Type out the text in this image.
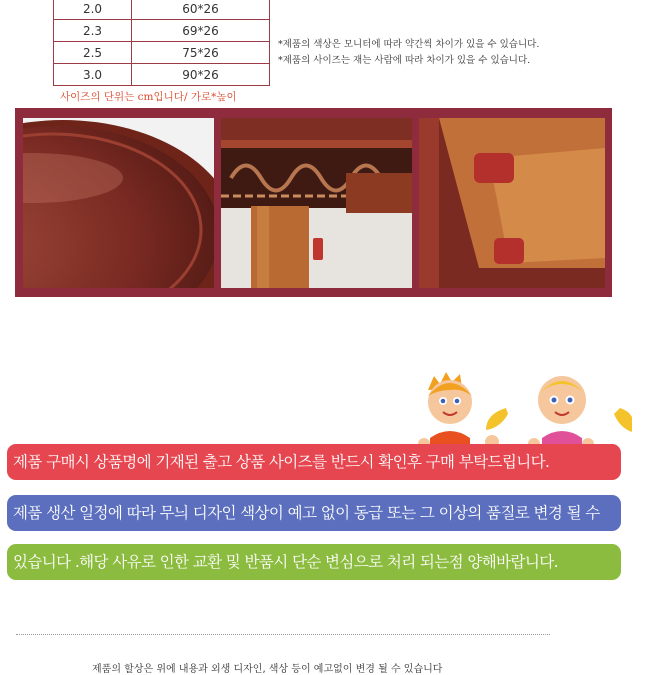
2.0	60*26
2.3	69*26
2.5	75*26
3.0	90*26
*제품의 색상은 모니터에 따라 약간씩 차이가 있을 수 있습니다.
*제품의 사이즈는 재는 사람에 따라 차이가 있을 수 있습니다.
사이즈의 단위는 cm입니다/ 가로*높이
제품 구매시 상품명에 기재된 출고 상품 사이즈를 반드시 확인후 구매 부탁드립니다.
제품 생산 일정에 따라 무늬 디자인 색상이 예고 없이 동급 또는 그 이상의 품질로 변경 될 수
있습니다 .해당 사유로 인한 교환 및 반품시 단순 변심으로 처리 되는점 양해바랍니다.
제품의 할상은 위에 내용과 외생 디자인, 색상 등이 예고없이 변경 될 수 있습니다
